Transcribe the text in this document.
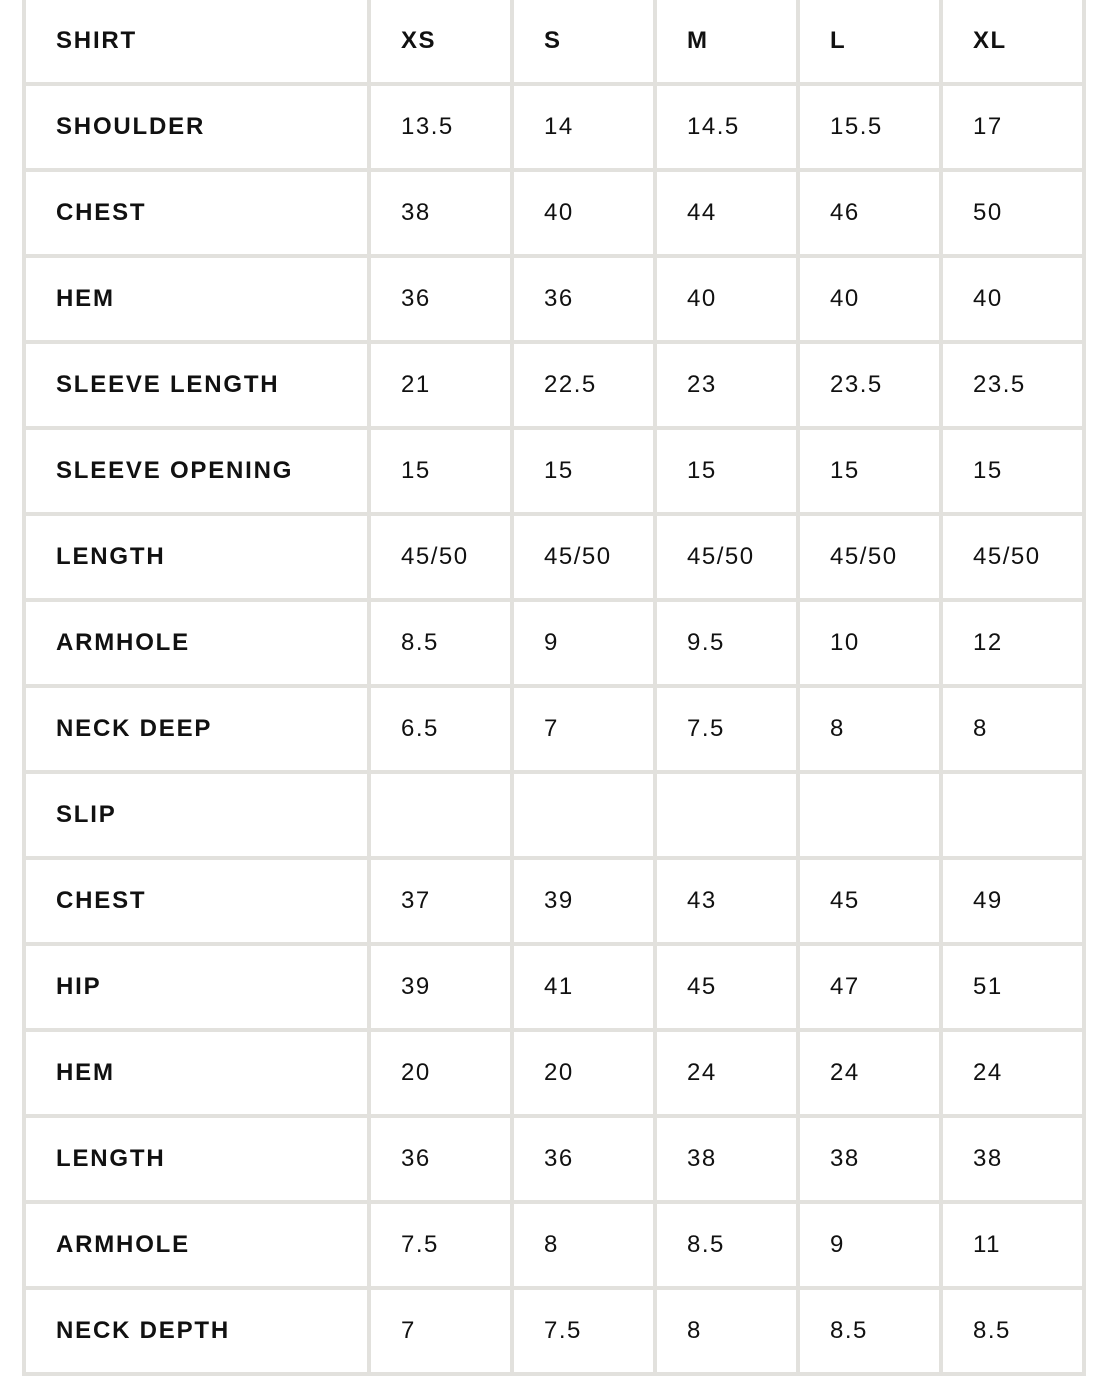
SHIRT	XS	S	M	L	XL
SHOULDER	13.5	14	14.5	15.5	17
CHEST	38	40	44	46	50
HEM	36	36	40	40	40
SLEEVE LENGTH	21	22.5	23	23.5	23.5
SLEEVE OPENING	15	15	15	15	15
LENGTH	45/50	45/50	45/50	45/50	45/50
ARMHOLE	8.5	9	9.5	10	12
NECK DEEP	6.5	7	7.5	8	8
SLIP					
CHEST	37	39	43	45	49
HIP	39	41	45	47	51
HEM	20	20	24	24	24
LENGTH	36	36	38	38	38
ARMHOLE	7.5	8	8.5	9	11
NECK DEPTH	7	7.5	8	8.5	8.5
